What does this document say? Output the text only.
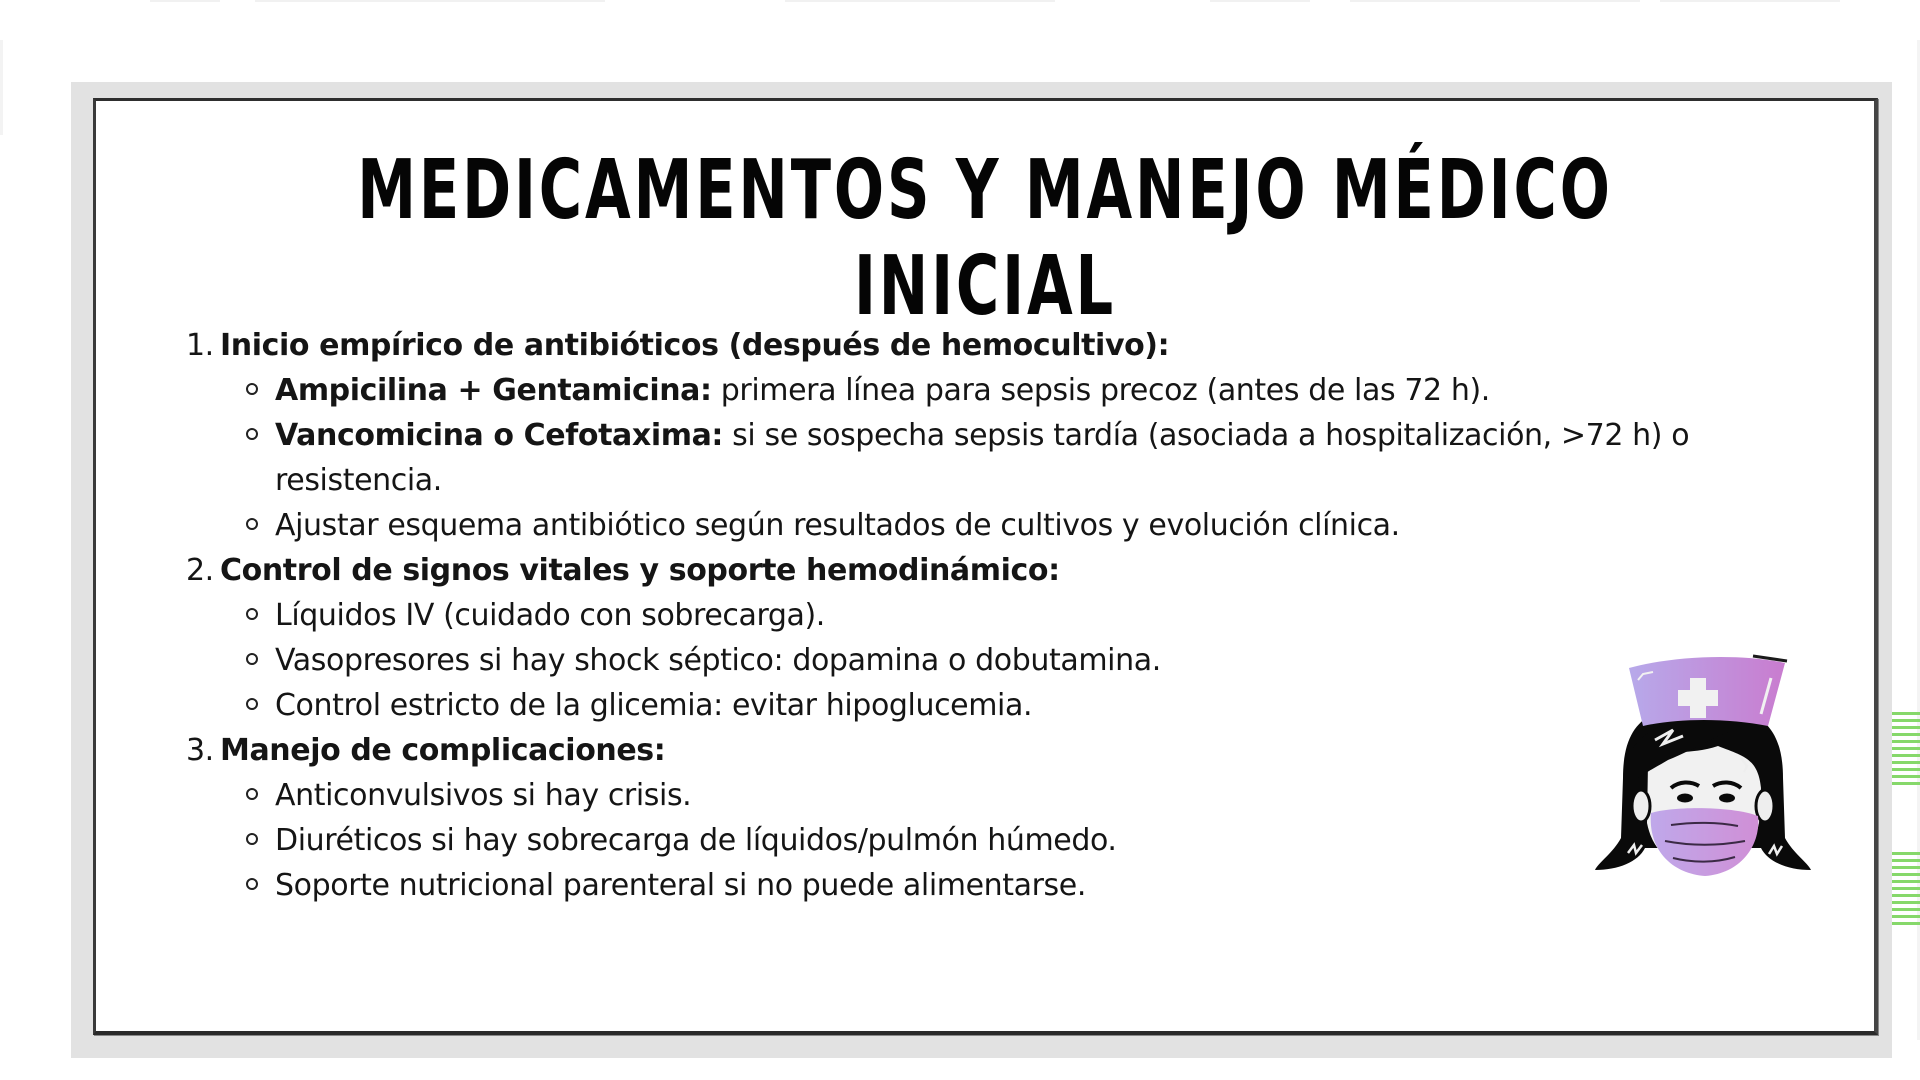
MEDICAMENTOS Y MANEJO MÉDICO
INICIAL
1. Inicio empírico de antibióticos (después de hemocultivo):
Ampicilina + Gentamicina: primera línea para sepsis precoz (antes de las 72 h).
Vancomicina o Cefotaxima: si se sospecha sepsis tardía (asociada a hospitalización, >72 h) o resistencia.
Ajustar esquema antibiótico según resultados de cultivos y evolución clínica.
2. Control de signos vitales y soporte hemodinámico:
Líquidos IV (cuidado con sobrecarga).
Vasopresores si hay shock séptico: dopamina o dobutamina.
Control estricto de la glicemia: evitar hipoglucemia.
3. Manejo de complicaciones:
Anticonvulsivos si hay crisis.
Diuréticos si hay sobrecarga de líquidos/pulmón húmedo.
Soporte nutricional parenteral si no puede alimentarse.
